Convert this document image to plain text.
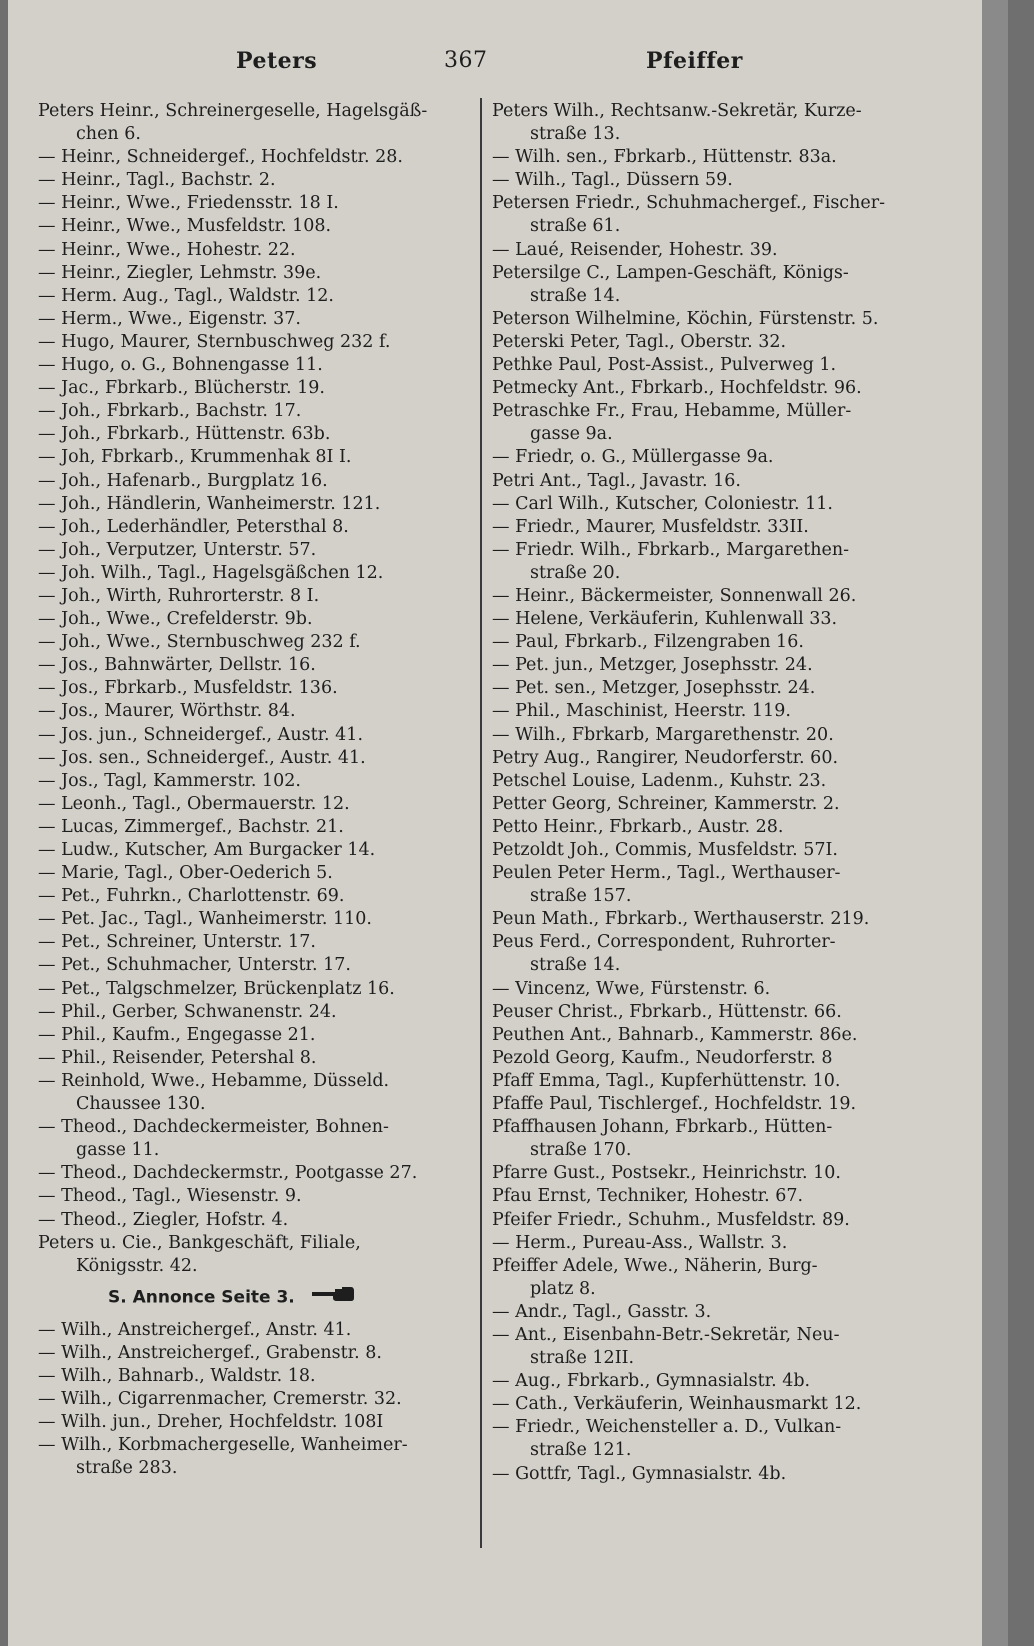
Peters	367	Pfeiffer
Peters Heinr., Schreinergeselle, Hagelsgäß-
chen 6.
— Heinr., Schneidergef., Hochfeldstr. 28.
— Heinr., Tagl., Bachstr. 2.
— Heinr., Wwe., Friedensstr. 18 I.
— Heinr., Wwe., Musfeldstr. 108.
— Heinr., Wwe., Hohestr. 22.
— Heinr., Ziegler, Lehmstr. 39e.
— Herm. Aug., Tagl., Waldstr. 12.
— Herm., Wwe., Eigenstr. 37.
— Hugo, Maurer, Sternbuschweg 232 f.
— Hugo, o. G., Bohnengasse 11.
— Jac., Fbrkarb., Blücherstr. 19.
— Joh., Fbrkarb., Bachstr. 17.
— Joh., Fbrkarb., Hüttenstr. 63b.
— Joh, Fbrkarb., Krummenhak 8I I.
— Joh., Hafenarb., Burgplatz 16.
— Joh., Händlerin, Wanheimerstr. 121.
— Joh., Lederhändler, Petersthal 8.
— Joh., Verputzer, Unterstr. 57.
— Joh. Wilh., Tagl., Hagelsgäßchen 12.
— Joh., Wirth, Ruhrorterstr. 8 I.
— Joh., Wwe., Crefelderstr. 9b.
— Joh., Wwe., Sternbuschweg 232 f.
— Jos., Bahnwärter, Dellstr. 16.
— Jos., Fbrkarb., Musfeldstr. 136.
— Jos., Maurer, Wörthstr. 84.
— Jos. jun., Schneidergef., Austr. 41.
— Jos. sen., Schneidergef., Austr. 41.
— Jos., Tagl, Kammerstr. 102.
— Leonh., Tagl., Obermauerstr. 12.
— Lucas, Zimmergef., Bachstr. 21.
— Ludw., Kutscher, Am Burgacker 14.
— Marie, Tagl., Ober-Oederich 5.
— Pet., Fuhrkn., Charlottenstr. 69.
— Pet. Jac., Tagl., Wanheimerstr. 110.
— Pet., Schreiner, Unterstr. 17.
— Pet., Schuhmacher, Unterstr. 17.
— Pet., Talgschmelzer, Brückenplatz 16.
— Phil., Gerber, Schwanenstr. 24.
— Phil., Kaufm., Engegasse 21.
— Phil., Reisender, Petershal 8.
— Reinhold, Wwe., Hebamme, Düsseld.
Chaussee 130.
— Theod., Dachdeckermeister, Bohnen-
gasse 11.
— Theod., Dachdeckermstr., Pootgasse 27.
— Theod., Tagl., Wiesenstr. 9.
— Theod., Ziegler, Hofstr. 4.
Peters u. Cie., Bankgeschäft, Filiale,
Königsstr. 42.
S. Annonce Seite 3.
— Wilh., Anstreichergef., Anstr. 41.
— Wilh., Anstreichergef., Grabenstr. 8.
— Wilh., Bahnarb., Waldstr. 18.
— Wilh., Cigarrenmacher, Cremerstr. 32.
— Wilh. jun., Dreher, Hochfeldstr. 108I
— Wilh., Korbmachergeselle, Wanheimer-
straße 283.
Peters Wilh., Rechtsanw.-Sekretär, Kurze-
straße 13.
— Wilh. sen., Fbrkarb., Hüttenstr. 83a.
— Wilh., Tagl., Düssern 59.
Petersen Friedr., Schuhmachergef., Fischer-
straße 61.
— Laué, Reisender, Hohestr. 39.
Petersilge C., Lampen-Geschäft, Königs-
straße 14.
Peterson Wilhelmine, Köchin, Fürstenstr. 5.
Peterski Peter, Tagl., Oberstr. 32.
Pethke Paul, Post-Assist., Pulverweg 1.
Petmecky Ant., Fbrkarb., Hochfeldstr. 96.
Petraschke Fr., Frau, Hebamme, Müller-
gasse 9a.
— Friedr, o. G., Müllergasse 9a.
Petri Ant., Tagl., Javastr. 16.
— Carl Wilh., Kutscher, Coloniestr. 11.
— Friedr., Maurer, Musfeldstr. 33II.
— Friedr. Wilh., Fbrkarb., Margarethen-
straße 20.
— Heinr., Bäckermeister, Sonnenwall 26.
— Helene, Verkäuferin, Kuhlenwall 33.
— Paul, Fbrkarb., Filzengraben 16.
— Pet. jun., Metzger, Josephsstr. 24.
— Pet. sen., Metzger, Josephsstr. 24.
— Phil., Maschinist, Heerstr. 119.
— Wilh., Fbrkarb, Margarethenstr. 20.
Petry Aug., Rangirer, Neudorferstr. 60.
Petschel Louise, Ladenm., Kuhstr. 23.
Petter Georg, Schreiner, Kammerstr. 2.
Petto Heinr., Fbrkarb., Austr. 28.
Petzoldt Joh., Commis, Musfeldstr. 57I.
Peulen Peter Herm., Tagl., Werthauser-
straße 157.
Peun Math., Fbrkarb., Werthauserstr. 219.
Peus Ferd., Correspondent, Ruhrorter-
straße 14.
— Vincenz, Wwe, Fürstenstr. 6.
Peuser Christ., Fbrkarb., Hüttenstr. 66.
Peuthen Ant., Bahnarb., Kammerstr. 86e.
Pezold Georg, Kaufm., Neudorferstr. 8
Pfaff Emma, Tagl., Kupferhüttenstr. 10.
Pfaffe Paul, Tischlergef., Hochfeldstr. 19.
Pfaffhausen Johann, Fbrkarb., Hütten-
straße 170.
Pfarre Gust., Postsekr., Heinrichstr. 10.
Pfau Ernst, Techniker, Hohestr. 67.
Pfeifer Friedr., Schuhm., Musfeldstr. 89.
— Herm., Pureau-Ass., Wallstr. 3.
Pfeiffer Adele, Wwe., Näherin, Burg-
platz 8.
— Andr., Tagl., Gasstr. 3.
— Ant., Eisenbahn-Betr.-Sekretär, Neu-
straße 12II.
— Aug., Fbrkarb., Gymnasialstr. 4b.
— Cath., Verkäuferin, Weinhausmarkt 12.
— Friedr., Weichensteller a. D., Vulkan-
straße 121.
— Gottfr, Tagl., Gymnasialstr. 4b.
